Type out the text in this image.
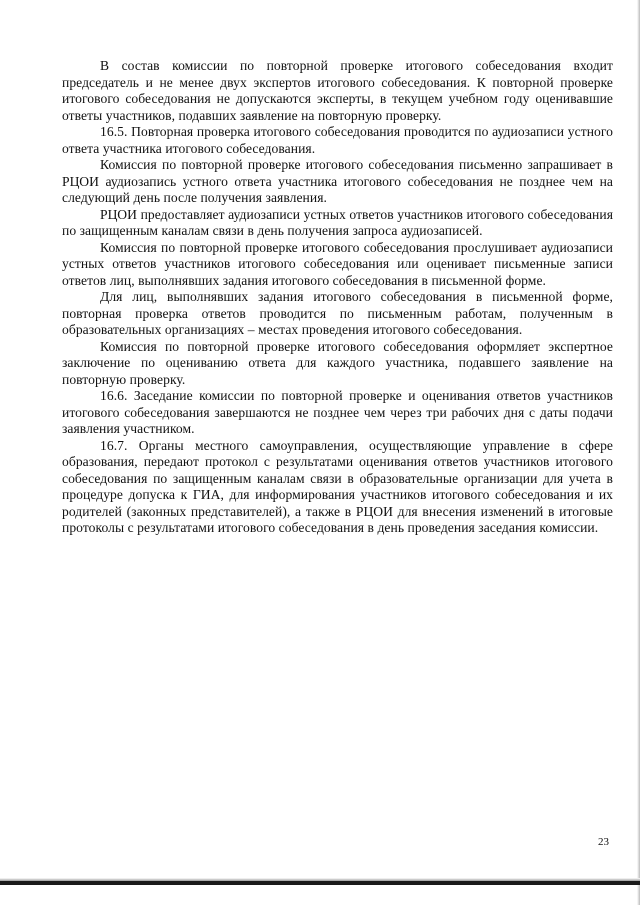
В состав комиссии по повторной проверке итогового собеседования входит председатель и не менее двух экспертов итогового собеседования. К повторной проверке итогового собеседования не допускаются эксперты, в текущем учебном году оценивавшие ответы участников, подавших заявление на повторную проверку.

16.5. Повторная проверка итогового собеседования проводится по аудиозаписи устного ответа участника итогового собеседования.

Комиссия по повторной проверке итогового собеседования письменно запрашивает в РЦОИ аудиозапись устного ответа участника итогового собеседования не позднее чем на следующий день после получения заявления.

РЦОИ предоставляет аудиозаписи устных ответов участников итогового собеседования по защищенным каналам связи в день получения запроса аудиозаписей.

Комиссия по повторной проверке итогового собеседования прослушивает аудиозаписи устных ответов участников итогового собеседования или оценивает письменные записи ответов лиц, выполнявших задания итогового собеседования в письменной форме.

Для лиц, выполнявших задания итогового собеседования в письменной форме, повторная проверка ответов проводится по письменным работам, полученным в образовательных организациях – местах проведения итогового собеседования.

Комиссия по повторной проверке итогового собеседования оформляет экспертное заключение по оцениванию ответа для каждого участника, подавшего заявление на повторную проверку.

16.6. Заседание комиссии по повторной проверке и оценивания ответов участников итогового собеседования завершаются не позднее чем через три рабочих дня с даты подачи заявления участником.

16.7. Органы местного самоуправления, осуществляющие управление в сфере образования, передают протокол с результатами оценивания ответов участников итогового собеседования по защищенным каналам связи в образовательные организации для учета в процедуре допуска к ГИА, для информирования участников итогового собеседования и их родителей (законных представителей), а также в РЦОИ для внесения изменений в итоговые протоколы с результатами итогового собеседования в день проведения заседания комиссии.

23
